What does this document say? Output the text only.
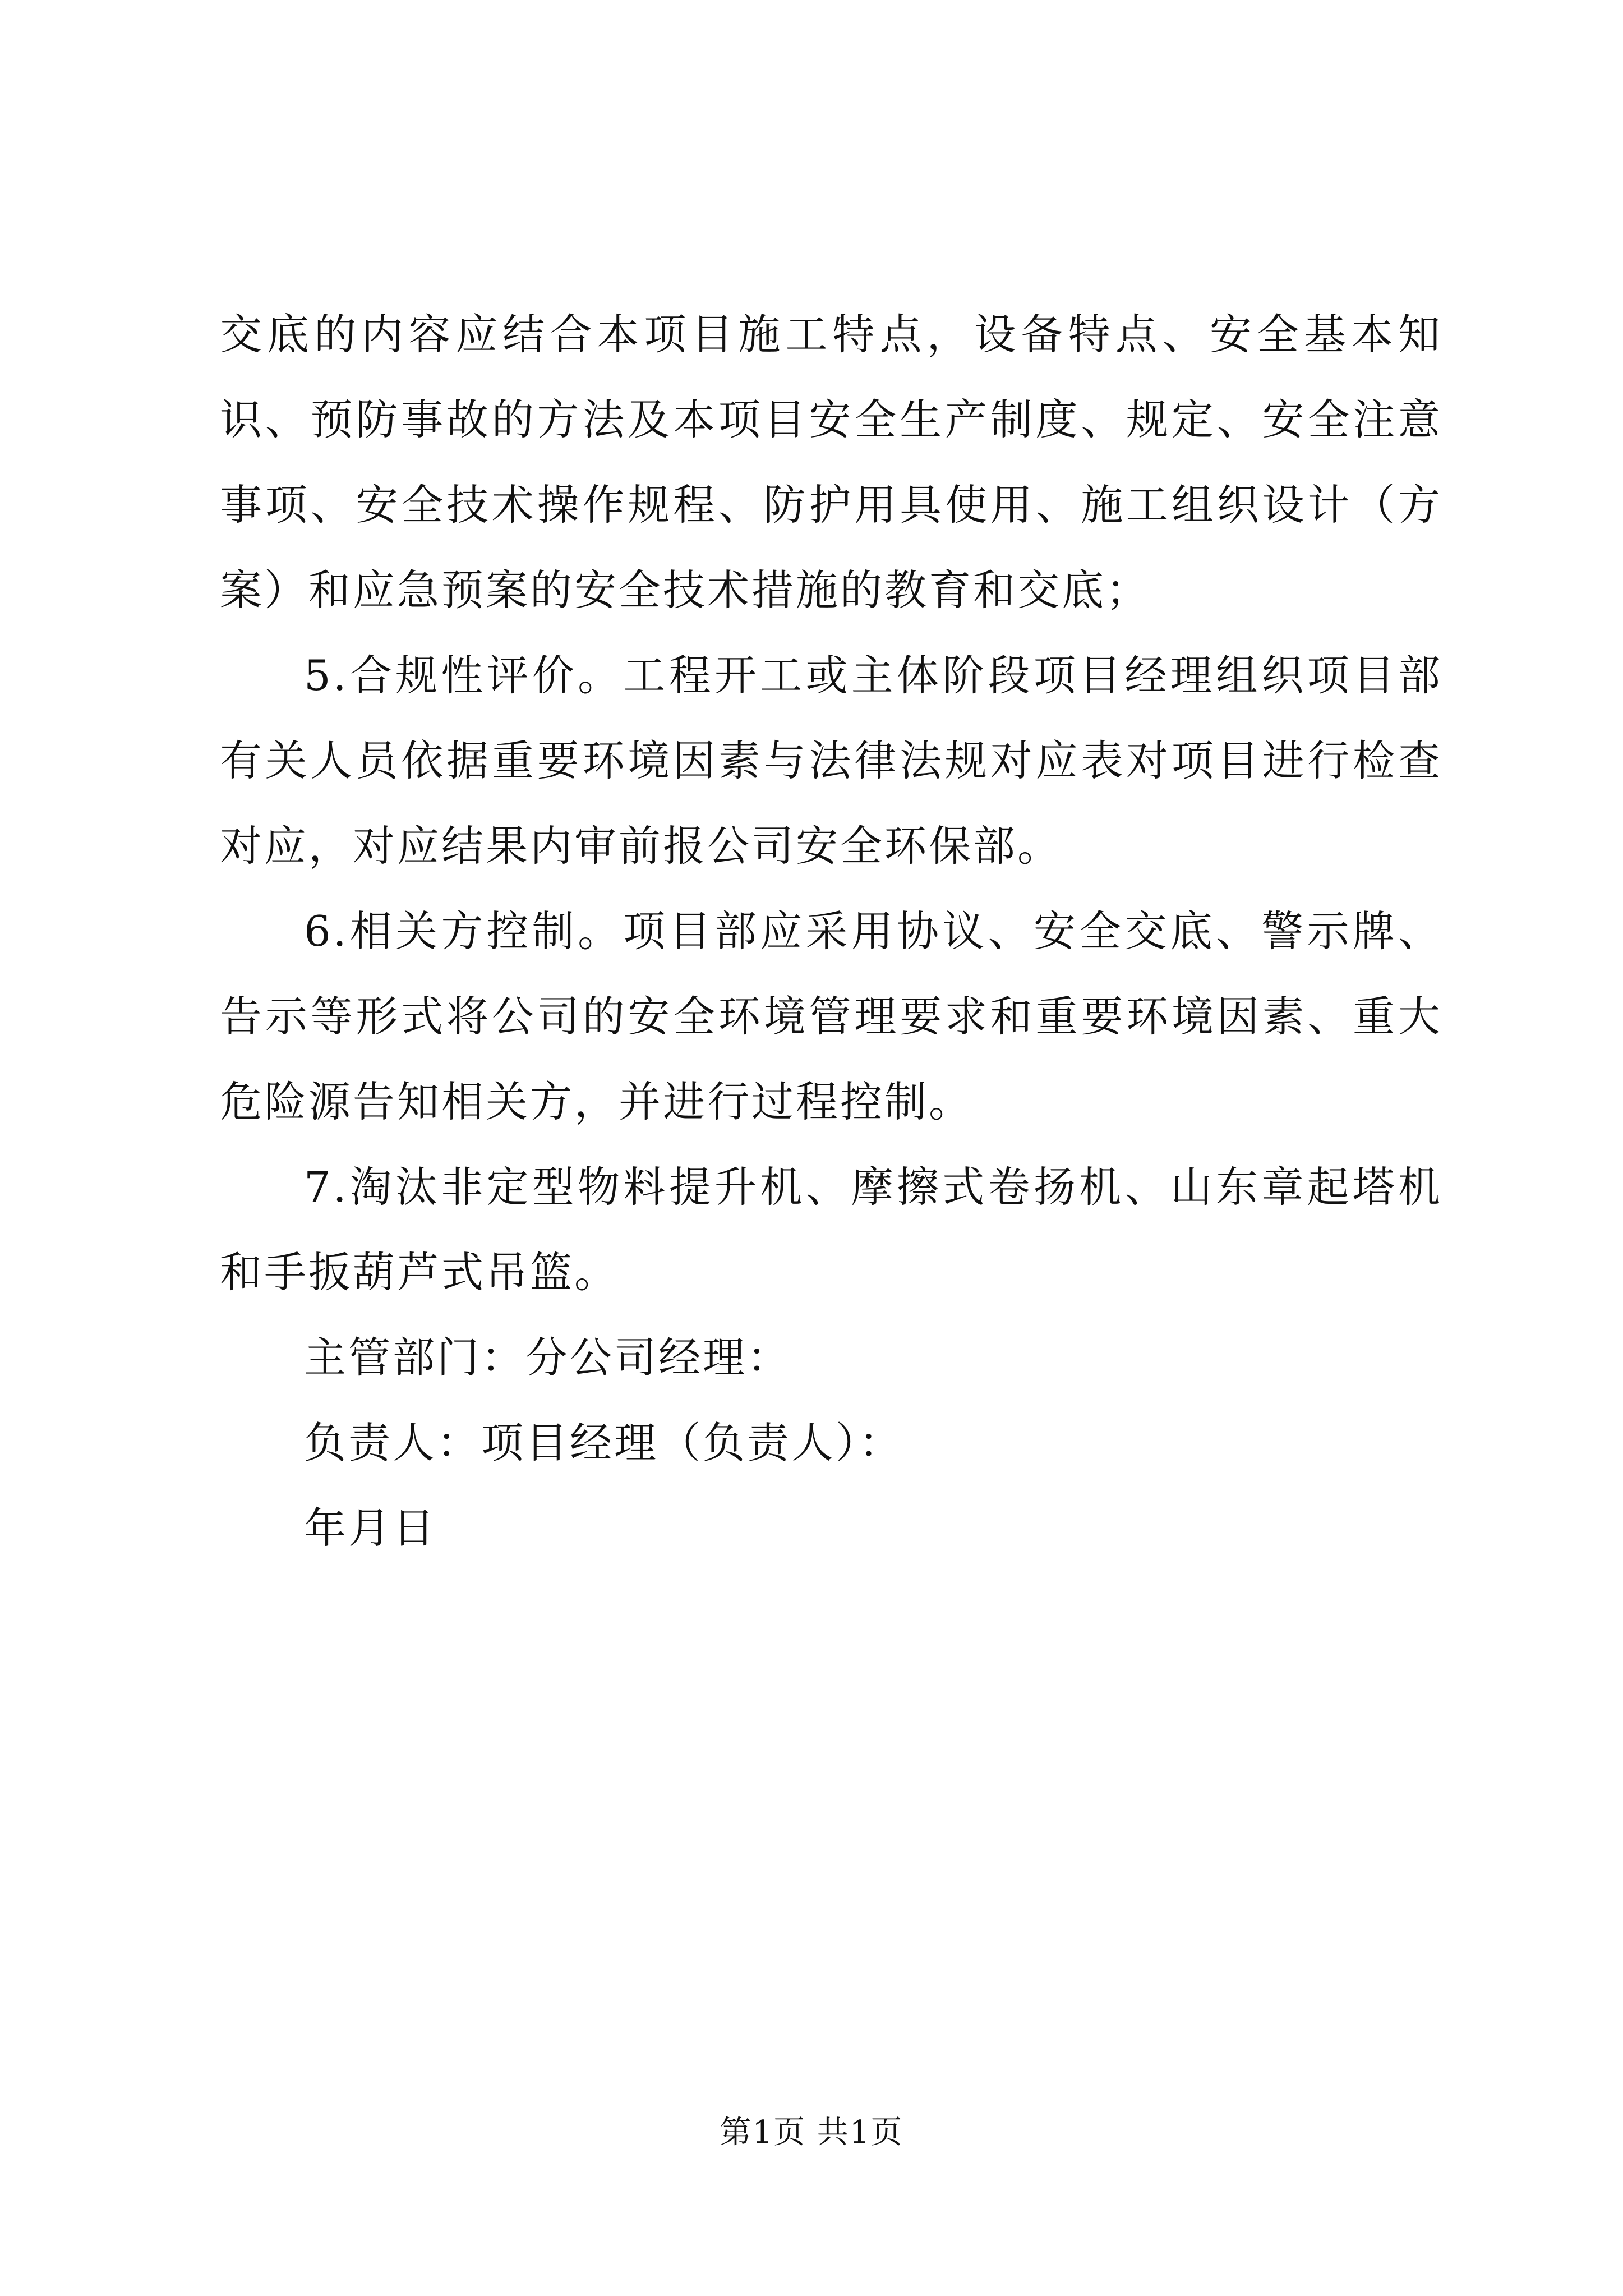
交底的内容应结合本项目施工特点，设备特点、安全基本知识、预防事故的方法及本项目安全生产制度、规定、安全注意事项、安全技术操作规程、防护用具使用、施工组织设计（方案）和应急预案的安全技术措施的教育和交底；

5.合规性评价。工程开工或主体阶段项目经理组织项目部有关人员依据重要环境因素与法律法规对应表对项目进行检查对应，对应结果内审前报公司安全环保部。

6.相关方控制。项目部应采用协议、安全交底、警示牌、告示等形式将公司的安全环境管理要求和重要环境因素、重大危险源告知相关方，并进行过程控制。

7.淘汰非定型物料提升机、摩擦式卷扬机、山东章起塔机和手扳葫芦式吊篮。

主管部门：分公司经理：

负责人：项目经理（负责人）：

年月日

第1页 共1页
